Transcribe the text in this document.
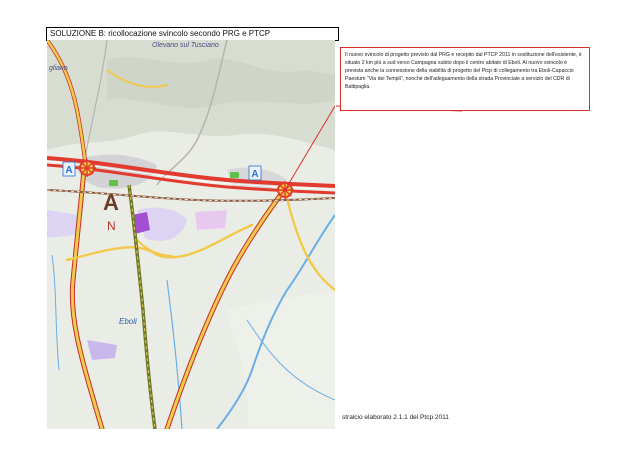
SOLUZIONE B: ricollocazione svincolo secondo PRG e PTCP
A	A
A
N
Olevano sul Tusciano
gliano
Eboli
Il nuovo svincolo di progetto previsto dal PRG e recepito dal PTCP 2011 in sostituzione dell'esistente, è situato 2 km più a sud verso Campagna subito dopo il centro abitato di Eboli. Al nuovo svincolo è prevista anche la connessione della viabilità di progetto del Ptcp di collegamento tra Eboli-Capaccio Paestum "Via dei Templi", nonché dell'adeguamento della strada Provinciale a servizio del CDR di Battipaglia.
stralcio elaborato 2.1.1 del Ptcp 2011
